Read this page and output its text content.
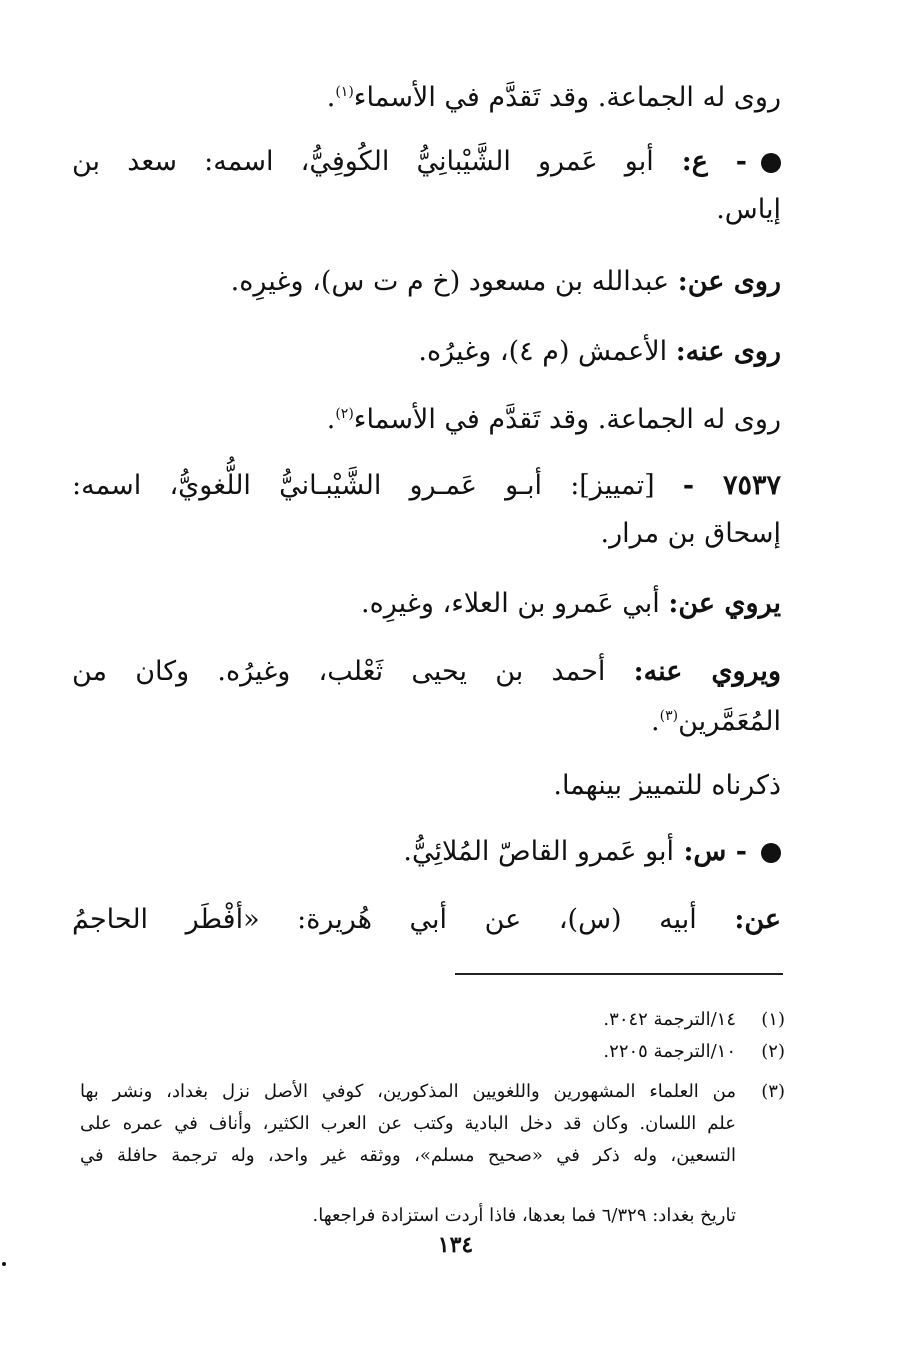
روى له الجماعة. وقد تَقدَّم في الأسماء$^{(١)}$.
- ع: أبو عَمرو الشَّيْبانِيُّ الكُوفِيُّ، اسمه: سعد بن
إياس.
روى عن: عبدالله بن مسعود (خ م ت س)، وغيرِه.
روى عنه: الأعمش (م ٤)، وغيرُه.
روى له الجماعة. وقد تَقدَّم في الأسماء$^{(٢)}$.
٧٥٣٧ - [تمييز]: أبـو عَمـرو الشَّيْبـانيُّ اللُّغويُّ، اسمه:
إسحاق بن مرار.
يروي عن: أبي عَمرو بن العلاء، وغيرِه.
ويروي عنه: أحمد بن يحيى ثَعْلب، وغيرُه. وكان من
المُعَمَّرين$^{(٣)}$.
ذكرناه للتمييز بينهما.
- س: أبو عَمرو القاصّ المُلائِيُّ.
عن: أبيه (س)، عن أبي هُريرة: «أفْطَر الحاجمُ
(١)
١٤/الترجمة ٣٠٤٢.
(٢)
١٠/الترجمة ٢٢٠٥.
(٣)
من العلماء المشهورين واللغويين المذكورين، كوفي الأصل نزل بغداد، ونشر بها
علم اللسان. وكان قد دخل البادية وكتب عن العرب الكثير، وأناف في عمره على
التسعين، وله ذكر في «صحيح مسلم»، ووثقه غير واحد، وله ترجمة حافلة في
تاريخ بغداد: ٦/٣٢٩ فما بعدها، فاذا أردت استزادة فراجعها.
١٣٤
